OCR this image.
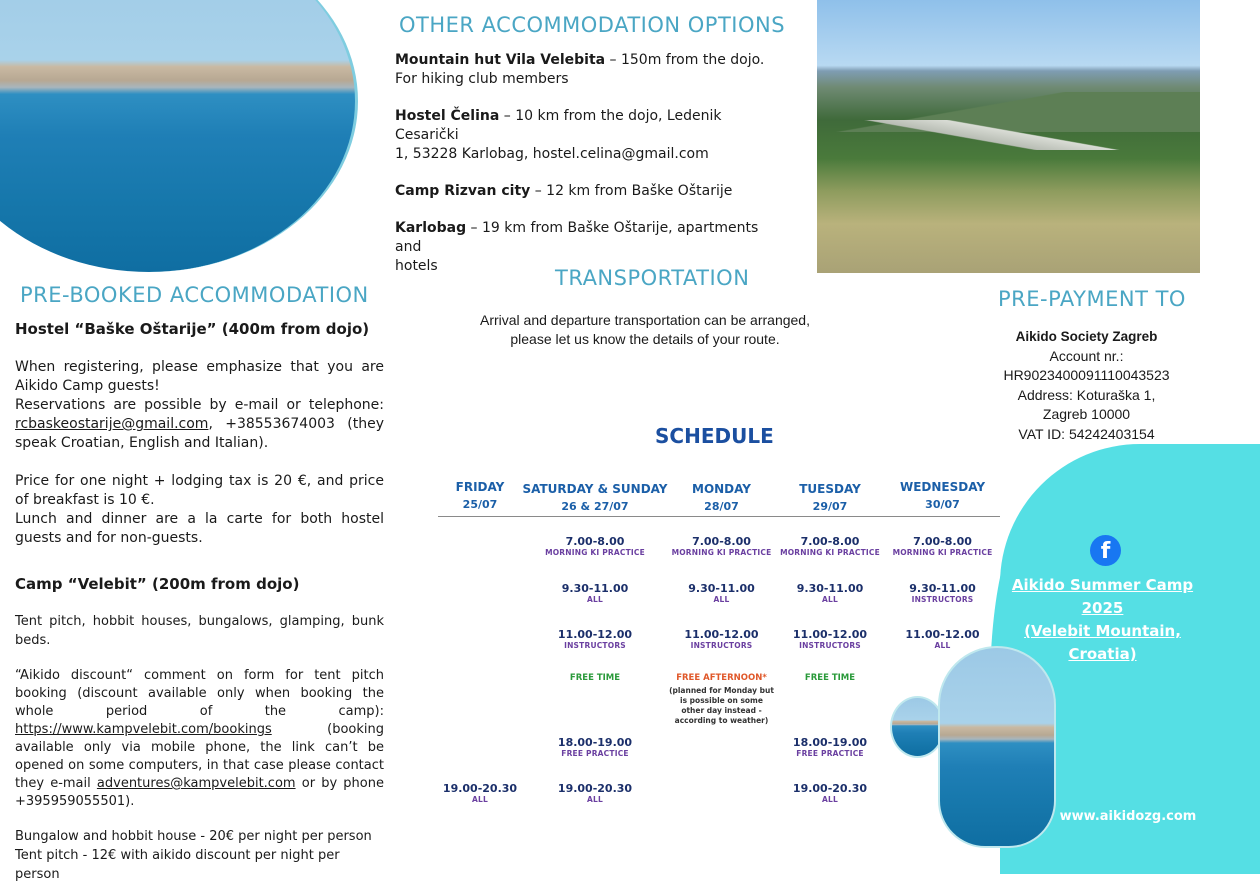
OTHER ACCOMMODATION OPTIONS
Mountain hut Vila Velebita – 150m from the dojo.
For hiking club members
Hostel Čelina – 10 km from the dojo, Ledenik Cesarički
1, 53228 Karlobag, hostel.celina@gmail.com
Camp Rizvan city – 12 km from Baške Oštarije
Karlobag – 19 km from Baške Oštarije, apartments and
hotels
PRE-BOOKED ACCOMMODATION
Hostel “Baške Oštarije” (400m from dojo)
When registering, please emphasize that you are Aikido Camp guests!
Reservations are possible by e-mail or telephone: rcbaskeostarije@gmail.com, +38553674003 (they speak Croatian, English and Italian).
Price for one night + lodging tax is 20 €, and price of breakfast is 10 €.
Lunch and dinner are a la carte for both hostel guests and for non-guests.
Camp “Velebit” (200m from dojo)
Tent pitch, hobbit houses, bungalows, glamping, bunk beds.
“Aikido discount“ comment on form for tent pitch booking (discount available only when booking the whole period of the camp): https://www.kampvelebit.com/bookings	(booking available only via mobile phone, the link can’t be opened on some computers, in that case please contact they e-mail adventures@kampvelebit.com or by phone +395959055501).
Bungalow and hobbit house - 20€ per night per person
Tent pitch - 12€ with aikido discount per night per person
TRANSPORTATION
Arrival and departure transportation can be arranged,
please let us know the details of your route.
SCHEDULE
FRIDAY
25/07
SATURDAY & SUNDAY
26 & 27/07
MONDAY
28/07
TUESDAY
29/07
WEDNESDAY
30/07
7.00-8.00
MORNING KI PRACTICE
7.00-8.00
MORNING KI PRACTICE
7.00-8.00
MORNING KI PRACTICE
7.00-8.00
MORNING KI PRACTICE
9.30-11.00
ALL
9.30-11.00
ALL
9.30-11.00
ALL
9.30-11.00
INSTRUCTORS
11.00-12.00
INSTRUCTORS
11.00-12.00
INSTRUCTORS
11.00-12.00
INSTRUCTORS
11.00-12.00
ALL
FREE TIME	FREE AFTERNOON*
(planned for Monday but is possible on some other day instead - according to weather)
FREE TIME
18.00-19.00
FREE PRACTICE
18.00-19.00
FREE PRACTICE
19.00-20.30
ALL
19.00-20.30
ALL
19.00-20.30
ALL
PRE-PAYMENT TO
Aikido Society Zagreb
Account nr.:
HR9023400091110043523
Address: Koturaška 1,
Zagreb 10000
VAT ID: 54242403154
f
Aikido Summer Camp
2025
(Velebit Mountain,
Croatia)
www.aikidozg.com
